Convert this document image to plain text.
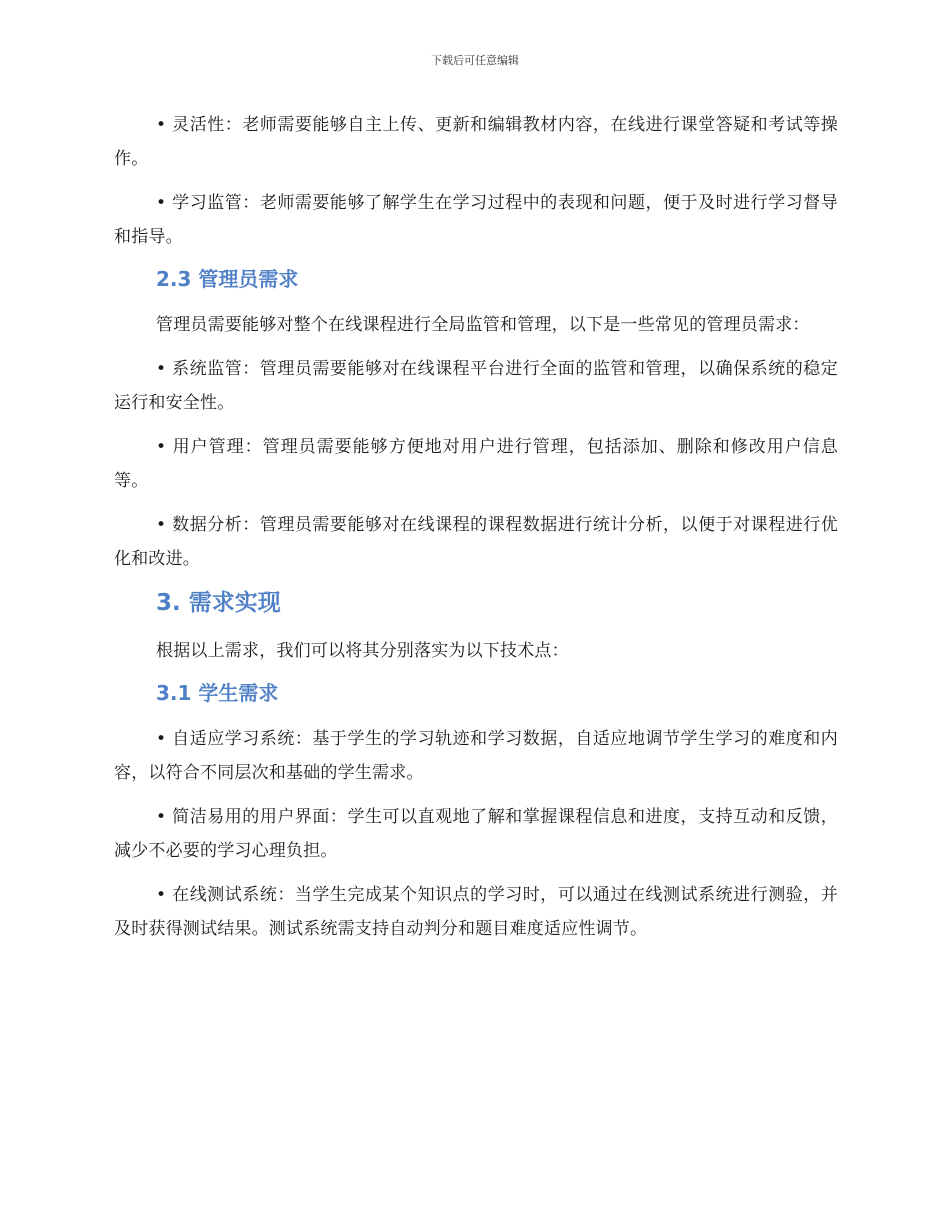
下载后可任意编辑

• 灵活性：老师需要能够自主上传、更新和编辑教材内容，在线进行课堂答疑和考试等操作。

• 学习监管：老师需要能够了解学生在学习过程中的表现和问题，便于及时进行学习督导和指导。

2.3 管理员需求

管理员需要能够对整个在线课程进行全局监管和管理，以下是一些常见的管理员需求：

• 系统监管：管理员需要能够对在线课程平台进行全面的监管和管理，以确保系统的稳定运行和安全性。

• 用户管理：管理员需要能够方便地对用户进行管理，包括添加、删除和修改用户信息等。

• 数据分析：管理员需要能够对在线课程的课程数据进行统计分析，以便于对课程进行优化和改进。

3. 需求实现

根据以上需求，我们可以将其分别落实为以下技术点：

3.1 学生需求

• 自适应学习系统：基于学生的学习轨迹和学习数据，自适应地调节学生学习的难度和内容，以符合不同层次和基础的学生需求。

• 简洁易用的用户界面：学生可以直观地了解和掌握课程信息和进度，支持互动和反馈，减少不必要的学习心理负担。

• 在线测试系统：当学生完成某个知识点的学习时，可以通过在线测试系统进行测验，并及时获得测试结果。测试系统需支持自动判分和题目难度适应性调节。
